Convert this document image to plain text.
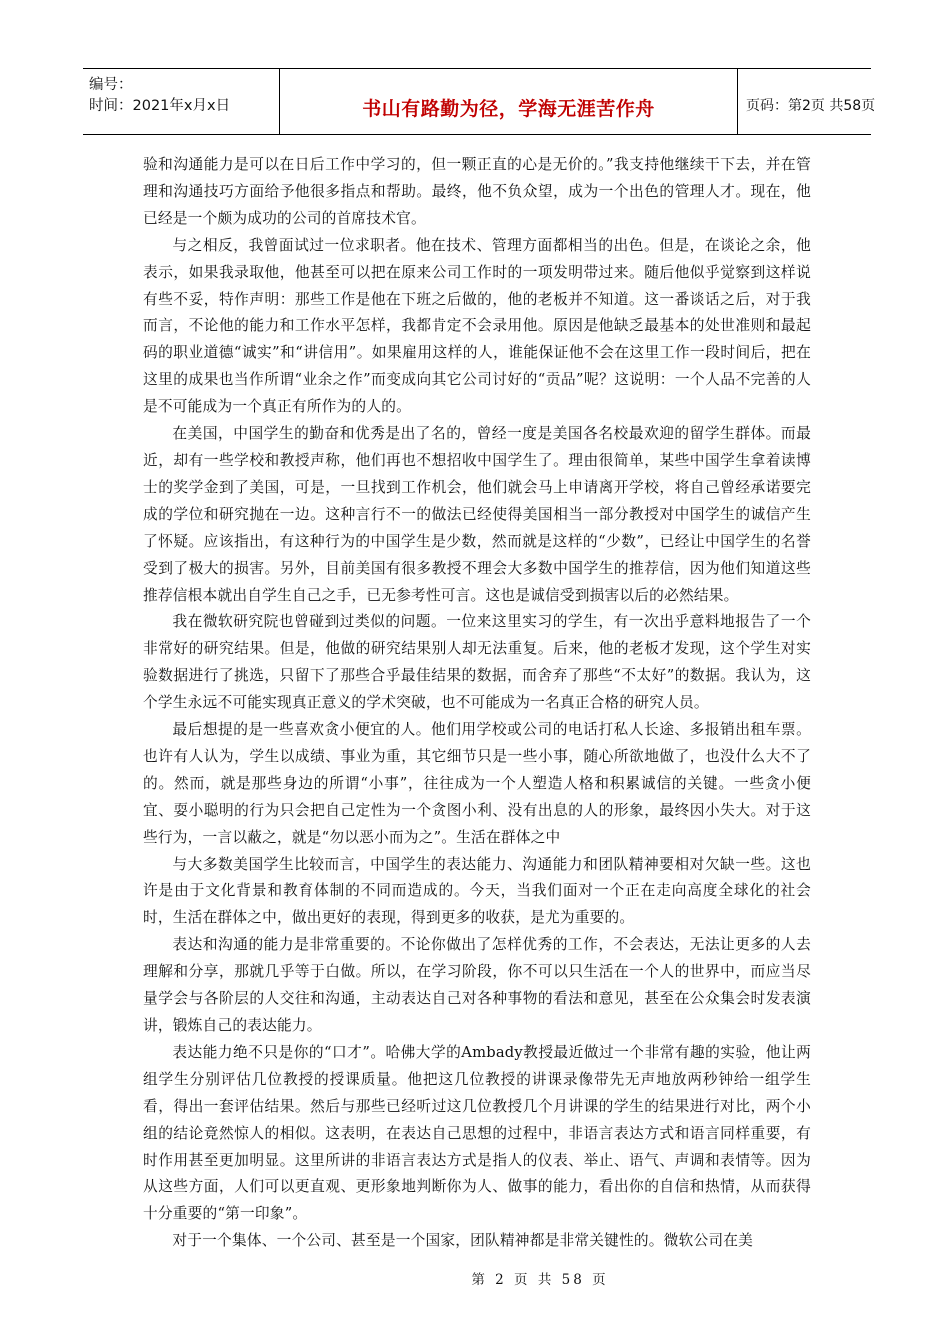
编号：
时间：2021年x月x日	书山有路勤为径，学海无涯苦作舟	页码：第2页 共58页

验和沟通能力是可以在日后工作中学习的，但一颗正直的心是无价的。”我支持他继续干下去，并在管理和沟通技巧方面给予他很多指点和帮助。最终，他不负众望，成为一个出色的管理人才。现在，他已经是一个颇为成功的公司的首席技术官。

与之相反，我曾面试过一位求职者。他在技术、管理方面都相当的出色。但是，在谈论之余，他表示，如果我录取他，他甚至可以把在原来公司工作时的一项发明带过来。随后他似乎觉察到这样说有些不妥，特作声明：那些工作是他在下班之后做的，他的老板并不知道。这一番谈话之后，对于我而言，不论他的能力和工作水平怎样，我都肯定不会录用他。原因是他缺乏最基本的处世准则和最起码的职业道德“诚实”和“讲信用”。如果雇用这样的人，谁能保证他不会在这里工作一段时间后，把在这里的成果也当作所谓“业余之作”而变成向其它公司讨好的“贡品”呢？这说明：一个人品不完善的人是不可能成为一个真正有所作为的人的。

在美国，中国学生的勤奋和优秀是出了名的，曾经一度是美国各名校最欢迎的留学生群体。而最近，却有一些学校和教授声称，他们再也不想招收中国学生了。理由很简单，某些中国学生拿着读博士的奖学金到了美国，可是，一旦找到工作机会，他们就会马上申请离开学校，将自己曾经承诺要完成的学位和研究抛在一边。这种言行不一的做法已经使得美国相当一部分教授对中国学生的诚信产生了怀疑。应该指出，有这种行为的中国学生是少数，然而就是这样的“少数”，已经让中国学生的名誉受到了极大的损害。另外，目前美国有很多教授不理会大多数中国学生的推荐信，因为他们知道这些推荐信根本就出自学生自己之手，已无参考性可言。这也是诚信受到损害以后的必然结果。

我在微软研究院也曾碰到过类似的问题。一位来这里实习的学生，有一次出乎意料地报告了一个非常好的研究结果。但是，他做的研究结果别人却无法重复。后来，他的老板才发现，这个学生对实验数据进行了挑选，只留下了那些合乎最佳结果的数据，而舍弃了那些“不太好”的数据。我认为，这个学生永远不可能实现真正意义的学术突破，也不可能成为一名真正合格的研究人员。

最后想提的是一些喜欢贪小便宜的人。他们用学校或公司的电话打私人长途、多报销出租车票。也许有人认为，学生以成绩、事业为重，其它细节只是一些小事，随心所欲地做了，也没什么大不了的。然而，就是那些身边的所谓“小事”，往往成为一个人塑造人格和积累诚信的关键。一些贪小便宜、耍小聪明的行为只会把自己定性为一个贪图小利、没有出息的人的形象，最终因小失大。对于这些行为，一言以蔽之，就是“勿以恶小而为之”。生活在群体之中

与大多数美国学生比较而言，中国学生的表达能力、沟通能力和团队精神要相对欠缺一些。这也许是由于文化背景和教育体制的不同而造成的。今天，当我们面对一个正在走向高度全球化的社会时，生活在群体之中，做出更好的表现，得到更多的收获，是尤为重要的。

表达和沟通的能力是非常重要的。不论你做出了怎样优秀的工作，不会表达，无法让更多的人去理解和分享，那就几乎等于白做。所以，在学习阶段，你不可以只生活在一个人的世界中，而应当尽量学会与各阶层的人交往和沟通，主动表达自己对各种事物的看法和意见，甚至在公众集会时发表演讲，锻炼自己的表达能力。

表达能力绝不只是你的“口才”。哈佛大学的Ambady教授最近做过一个非常有趣的实验，他让两组学生分别评估几位教授的授课质量。他把这几位教授的讲课录像带先无声地放两秒钟给一组学生看，得出一套评估结果。然后与那些已经听过这几位教授几个月讲课的学生的结果进行对比，两个小组的结论竟然惊人的相似。这表明，在表达自己思想的过程中，非语言表达方式和语言同样重要，有时作用甚至更加明显。这里所讲的非语言表达方式是指人的仪表、举止、语气、声调和表情等。因为从这些方面，人们可以更直观、更形象地判断你为人、做事的能力，看出你的自信和热情，从而获得十分重要的“第一印象”。

对于一个集体、一个公司、甚至是一个国家，团队精神都是非常关键性的。微软公司在美

第 2 页 共 58 页
